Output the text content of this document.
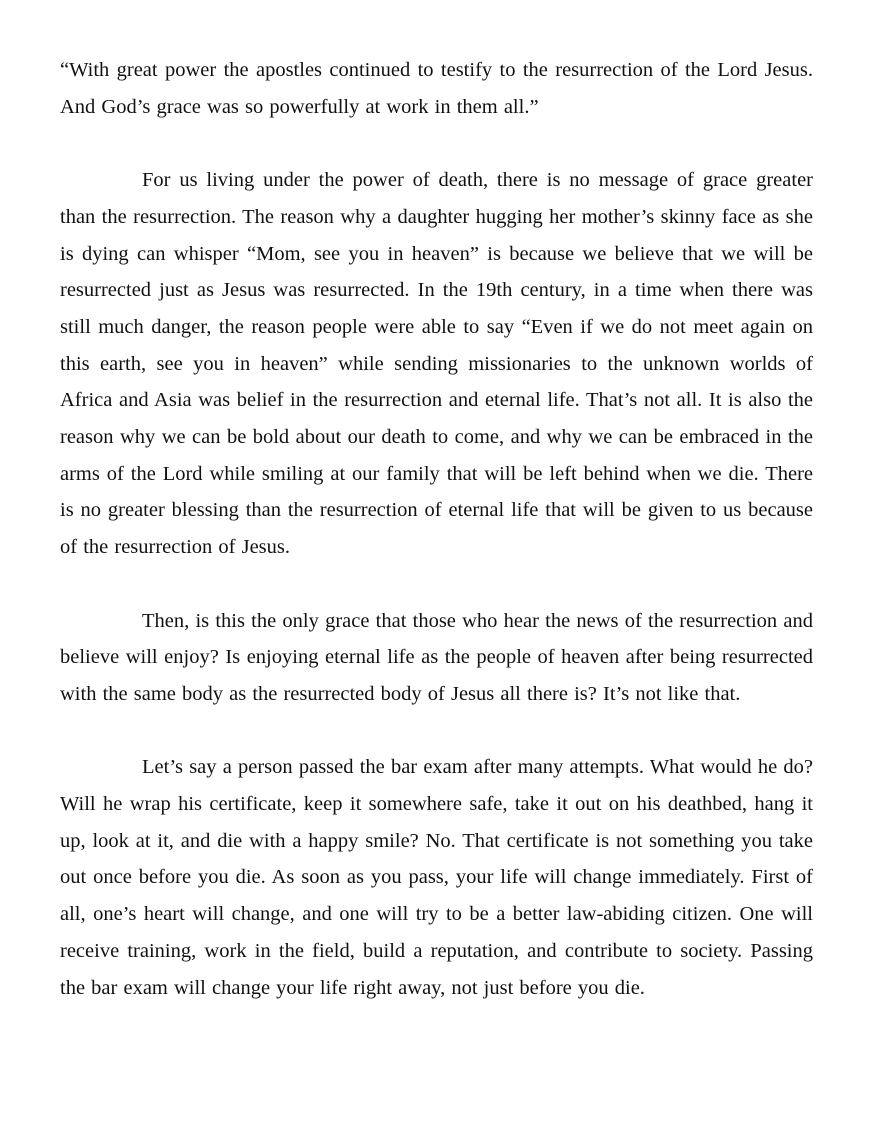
“With great power the apostles continued to testify to the resurrection of the Lord Jesus. And God’s grace was so powerfully at work in them all.”

For us living under the power of death, there is no message of grace greater than the resurrection. The reason why a daughter hugging her mother’s skinny face as she is dying can whisper “Mom, see you in heaven” is because we believe that we will be resurrected just as Jesus was resurrected. In the 19th century, in a time when there was still much danger, the reason people were able to say “Even if we do not meet again on this earth, see you in heaven” while sending missionaries to the unknown worlds of Africa and Asia was belief in the resurrection and eternal life. That’s not all. It is also the reason why we can be bold about our death to come, and why we can be embraced in the arms of the Lord while smiling at our family that will be left behind when we die. There is no greater blessing than the resurrection of eternal life that will be given to us because of the resurrection of Jesus.

Then, is this the only grace that those who hear the news of the resurrection and believe will enjoy? Is enjoying eternal life as the people of heaven after being resurrected with the same body as the resurrected body of Jesus all there is? It’s not like that.

Let’s say a person passed the bar exam after many attempts. What would he do? Will he wrap his certificate, keep it somewhere safe, take it out on his deathbed, hang it up, look at it, and die with a happy smile? No. That certificate is not something you take out once before you die. As soon as you pass, your life will change immediately. First of all, one’s heart will change, and one will try to be a better law-abiding citizen. One will receive training, work in the field, build a reputation, and contribute to society. Passing the bar exam will change your life right away, not just before you die.
